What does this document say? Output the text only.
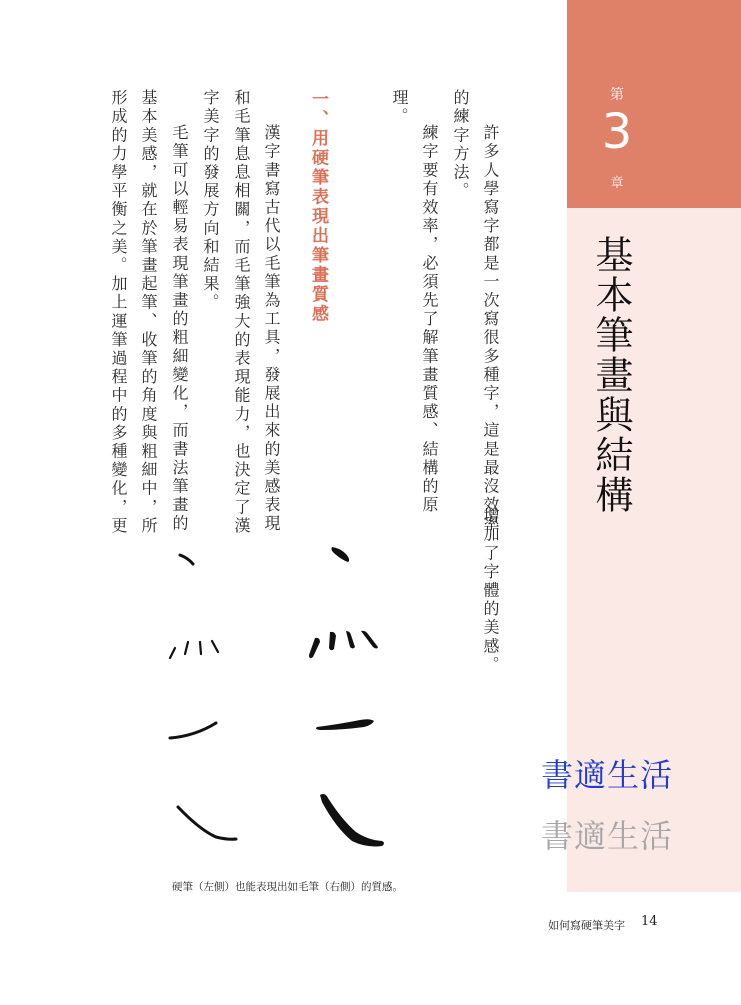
第
3
章
基本筆畫與結構
書適生活
書適生活
許多人學寫字都是一次寫很多種字，這是最沒效率
增加了字體的美感。
的練字方法。
練字要有效率，必須先了解筆畫質感、結構的原
理。
一、用硬筆表現出筆畫質感
漢字書寫古代以毛筆為工具，發展出來的美感表現
和毛筆息息相關，而毛筆強大的表現能力，也決定了漢
字美字的發展方向和結果。
毛筆可以輕易表現筆畫的粗細變化，而書法筆畫的
基本美感，就在於筆畫起筆、收筆的角度與粗細中，所
形成的力學平衡之美。加上運筆過程中的多種變化，更
硬筆（左側）也能表現出如毛筆（右側）的質感。
如何寫硬筆美字 14
